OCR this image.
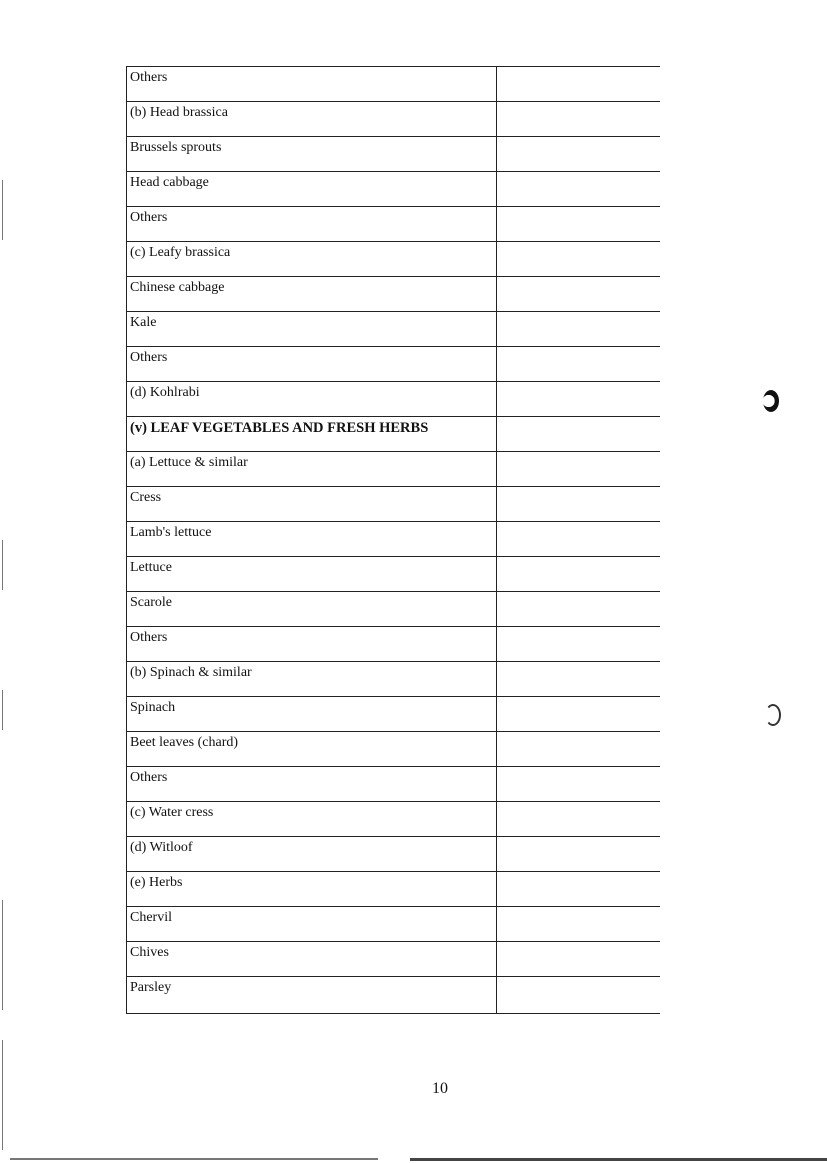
Others
(b) Head brassica
Brussels sprouts
Head cabbage
Others
(c) Leafy brassica
Chinese cabbage
Kale
Others
(d) Kohlrabi
(v) LEAF VEGETABLES AND FRESH HERBS
(a) Lettuce & similar
Cress
Lamb's lettuce
Lettuce
Scarole
Others
(b) Spinach & similar
Spinach
Beet leaves (chard)
Others
(c) Water cress
(d) Witloof
(e) Herbs
Chervil
Chives
Parsley
10
